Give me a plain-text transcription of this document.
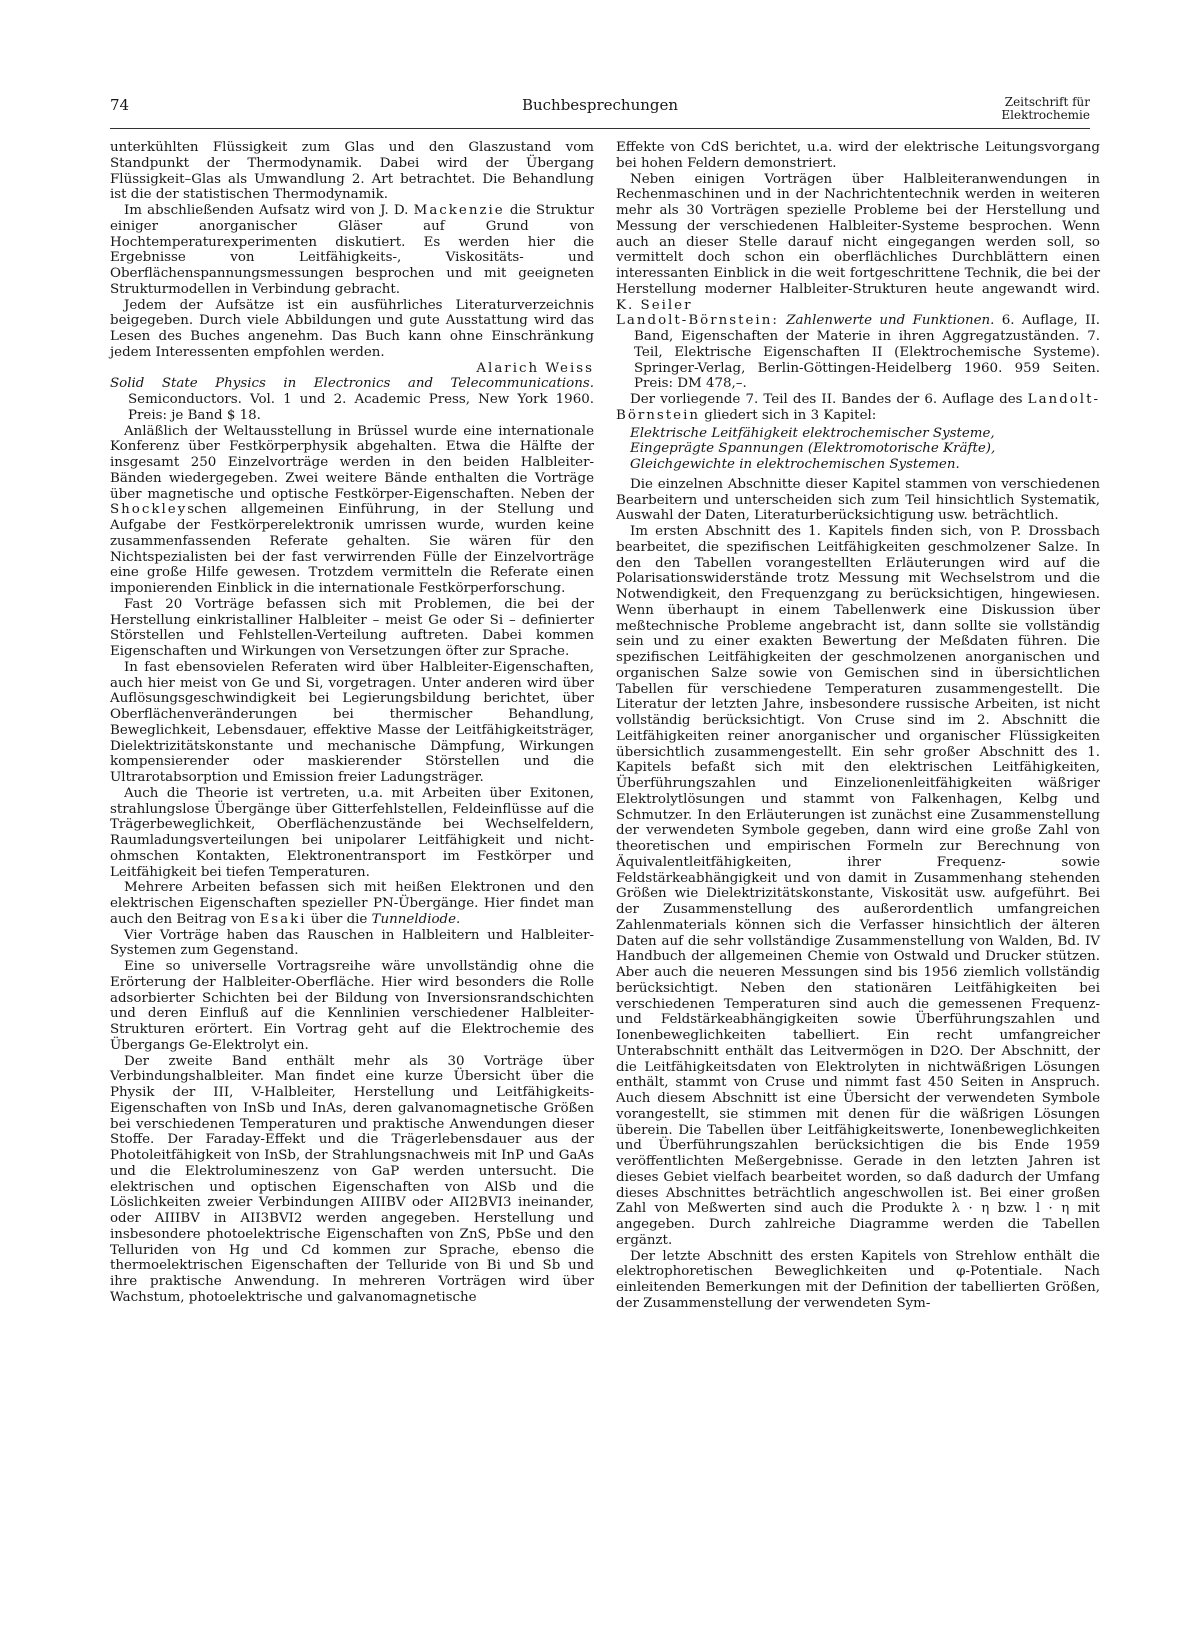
74	Buchbesprechungen	Zeitschrift für
Elektrochemie

unterkühlten Flüssigkeit zum Glas und den Glaszustand vom Standpunkt der Thermodynamik. Dabei wird der Übergang Flüssigkeit–Glas als Umwandlung 2. Art betrachtet. Die Behandlung ist die der statistischen Thermodynamik.

Im abschließenden Aufsatz wird von J. D. Mackenzie die Struktur einiger anorganischer Gläser auf Grund von Hochtemperaturexperimenten diskutiert. Es werden hier die Ergebnisse von Leitfähigkeits-, Viskositäts- und Oberflächenspannungsmessungen besprochen und mit geeigneten Strukturmodellen in Verbindung gebracht.

Jedem der Aufsätze ist ein ausführliches Literaturverzeichnis beigegeben. Durch viele Abbildungen und gute Ausstattung wird das Lesen des Buches angenehm. Das Buch kann ohne Einschränkung jedem Interessenten empfohlen werden.

Alarich Weiss

Solid State Physics in Electronics and Telecommunications. Semiconductors. Vol. 1 und 2. Academic Press, New York 1960. Preis: je Band $ 18.

Anläßlich der Weltausstellung in Brüssel wurde eine internationale Konferenz über Festkörperphysik abgehalten. Etwa die Hälfte der insgesamt 250 Einzelvorträge werden in den beiden Halbleiter-Bänden wiedergegeben. Zwei weitere Bände enthalten die Vorträge über magnetische und optische Festkörper-Eigenschaften. Neben der Shockleyschen allgemeinen Einführung, in der Stellung und Aufgabe der Festkörperelektronik umrissen wurde, wurden keine zusammenfassenden Referate gehalten. Sie wären für den Nichtspezialisten bei der fast verwirrenden Fülle der Einzelvorträge eine große Hilfe gewesen. Trotzdem vermitteln die Referate einen imponierenden Einblick in die internationale Festkörperforschung.

Fast 20 Vorträge befassen sich mit Problemen, die bei der Herstellung einkristalliner Halbleiter – meist Ge oder Si – definierter Störstellen und Fehlstellen-Verteilung auftreten. Dabei kommen Eigenschaften und Wirkungen von Versetzungen öfter zur Sprache.

In fast ebensovielen Referaten wird über Halbleiter-Eigenschaften, auch hier meist von Ge und Si, vorgetragen. Unter anderen wird über Auflösungsgeschwindigkeit bei Legierungsbildung berichtet, über Oberflächenveränderungen bei thermischer Behandlung, Beweglichkeit, Lebensdauer, effektive Masse der Leitfähigkeitsträger, Dielektrizitätskonstante und mechanische Dämpfung, Wirkungen kompensierender oder maskierender Störstellen und die Ultrarotabsorption und Emission freier Ladungsträger.

Auch die Theorie ist vertreten, u.a. mit Arbeiten über Exitonen, strahlungslose Übergänge über Gitterfehlstellen, Feldeinflüsse auf die Trägerbeweglichkeit, Oberflächenzustände bei Wechselfeldern, Raumladungsverteilungen bei unipolarer Leitfähigkeit und nicht-ohmschen Kontakten, Elektronentransport im Festkörper und Leitfähigkeit bei tiefen Temperaturen.

Mehrere Arbeiten befassen sich mit heißen Elektronen und den elektrischen Eigenschaften spezieller PN-Übergänge. Hier findet man auch den Beitrag von Esaki über die Tunneldiode.

Vier Vorträge haben das Rauschen in Halbleitern und Halbleiter-Systemen zum Gegenstand.

Eine so universelle Vortragsreihe wäre unvollständig ohne die Erörterung der Halbleiter-Oberfläche. Hier wird besonders die Rolle adsorbierter Schichten bei der Bildung von Inversionsrandschichten und deren Einfluß auf die Kennlinien verschiedener Halbleiter-Strukturen erörtert. Ein Vortrag geht auf die Elektrochemie des Übergangs Ge-Elektrolyt ein.

Der zweite Band enthält mehr als 30 Vorträge über Verbindungshalbleiter. Man findet eine kurze Übersicht über die Physik der III, V-Halbleiter, Herstellung und Leitfähigkeits-Eigenschaften von InSb und InAs, deren galvanomagnetische Größen bei verschiedenen Temperaturen und praktische Anwendungen dieser Stoffe. Der Faraday-Effekt und die Trägerlebensdauer aus der Photoleitfähigkeit von InSb, der Strahlungsnachweis mit InP und GaAs und die Elektrolumineszenz von GaP werden untersucht. Die elektrischen und optischen Eigenschaften von AlSb und die Löslichkeiten zweier Verbindungen AIIIBV oder AII2BVI3 ineinander, oder AIIIBV in AII3BVI2 werden angegeben. Herstellung und insbesondere photoelektrische Eigenschaften von ZnS, PbSe und den Telluriden von Hg und Cd kommen zur Sprache, ebenso die thermoelektrischen Eigenschaften der Telluride von Bi und Sb und ihre praktische Anwendung. In mehreren Vorträgen wird über Wachstum, photoelektrische und galvanomagnetische

Effekte von CdS berichtet, u.a. wird der elektrische Leitungsvorgang bei hohen Feldern demonstriert.

Neben einigen Vorträgen über Halbleiteranwendungen in Rechenmaschinen und in der Nachrichtentechnik werden in weiteren mehr als 30 Vorträgen spezielle Probleme bei der Herstellung und Messung der verschiedenen Halbleiter-Systeme besprochen. Wenn auch an dieser Stelle darauf nicht eingegangen werden soll, so vermittelt doch schon ein oberflächliches Durchblättern einen interessanten Einblick in die weit fortgeschrittene Technik, die bei der Herstellung moderner Halbleiter-Strukturen heute angewandt wird. K. Seiler

Landolt-Börnstein: Zahlenwerte und Funktionen. 6. Auflage, II. Band, Eigenschaften der Materie in ihren Aggregatzuständen. 7. Teil, Elektrische Eigenschaften II (Elektrochemische Systeme). Springer-Verlag, Berlin-Göttingen-Heidelberg 1960. 959 Seiten. Preis: DM 478,–.

Der vorliegende 7. Teil des II. Bandes der 6. Auflage des Landolt-Börnstein gliedert sich in 3 Kapitel:

Elektrische Leitfähigkeit elektrochemischer Systeme,
Eingeprägte Spannungen (Elektromotorische Kräfte),
Gleichgewichte in elektrochemischen Systemen.

Die einzelnen Abschnitte dieser Kapitel stammen von verschiedenen Bearbeitern und unterscheiden sich zum Teil hinsichtlich Systematik, Auswahl der Daten, Literaturberücksichtigung usw. beträchtlich.

Im ersten Abschnitt des 1. Kapitels finden sich, von P. Drossbach bearbeitet, die spezifischen Leitfähigkeiten geschmolzener Salze. In den den Tabellen vorangestellten Erläuterungen wird auf die Polarisationswiderstände trotz Messung mit Wechselstrom und die Notwendigkeit, den Frequenzgang zu berücksichtigen, hingewiesen. Wenn überhaupt in einem Tabellenwerk eine Diskussion über meßtechnische Probleme angebracht ist, dann sollte sie vollständig sein und zu einer exakten Bewertung der Meßdaten führen. Die spezifischen Leitfähigkeiten der geschmolzenen anorganischen und organischen Salze sowie von Gemischen sind in übersichtlichen Tabellen für verschiedene Temperaturen zusammengestellt. Die Literatur der letzten Jahre, insbesondere russische Arbeiten, ist nicht vollständig berücksichtigt. Von Cruse sind im 2. Abschnitt die Leitfähigkeiten reiner anorganischer und organischer Flüssigkeiten übersichtlich zusammengestellt. Ein sehr großer Abschnitt des 1. Kapitels befaßt sich mit den elektrischen Leitfähigkeiten, Überführungszahlen und Einzelionenleitfähigkeiten wäßriger Elektrolytlösungen und stammt von Falkenhagen, Kelbg und Schmutzer. In den Erläuterungen ist zunächst eine Zusammenstellung der verwendeten Symbole gegeben, dann wird eine große Zahl von theoretischen und empirischen Formeln zur Berechnung von Äquivalentleitfähigkeiten, ihrer Frequenz- sowie Feldstärkeabhängigkeit und von damit in Zusammenhang stehenden Größen wie Dielektrizitätskonstante, Viskosität usw. aufgeführt. Bei der Zusammenstellung des außerordentlich umfangreichen Zahlenmaterials können sich die Verfasser hinsichtlich der älteren Daten auf die sehr vollständige Zusammenstellung von Walden, Bd. IV Handbuch der allgemeinen Chemie von Ostwald und Drucker stützen. Aber auch die neueren Messungen sind bis 1956 ziemlich vollständig berücksichtigt. Neben den stationären Leitfähigkeiten bei verschiedenen Temperaturen sind auch die gemessenen Frequenz- und Feldstärkeabhängigkeiten sowie Überführungszahlen und Ionenbeweglichkeiten tabelliert. Ein recht umfangreicher Unterabschnitt enthält das Leitvermögen in D2O. Der Abschnitt, der die Leitfähigkeitsdaten von Elektrolyten in nichtwäßrigen Lösungen enthält, stammt von Cruse und nimmt fast 450 Seiten in Anspruch. Auch diesem Abschnitt ist eine Übersicht der verwendeten Symbole vorangestellt, sie stimmen mit denen für die wäßrigen Lösungen überein. Die Tabellen über Leitfähigkeitswerte, Ionenbeweglichkeiten und Überführungszahlen berücksichtigen die bis Ende 1959 veröffentlichten Meßergebnisse. Gerade in den letzten Jahren ist dieses Gebiet vielfach bearbeitet worden, so daß dadurch der Umfang dieses Abschnittes beträchtlich angeschwollen ist. Bei einer großen Zahl von Meßwerten sind auch die Produkte λ · η bzw. l · η mit angegeben. Durch zahlreiche Diagramme werden die Tabellen ergänzt.

Der letzte Abschnitt des ersten Kapitels von Strehlow enthält die elektrophoretischen Beweglichkeiten und φ-Potentiale. Nach einleitenden Bemerkungen mit der Definition der tabellierten Größen, der Zusammenstellung der verwendeten Sym-
